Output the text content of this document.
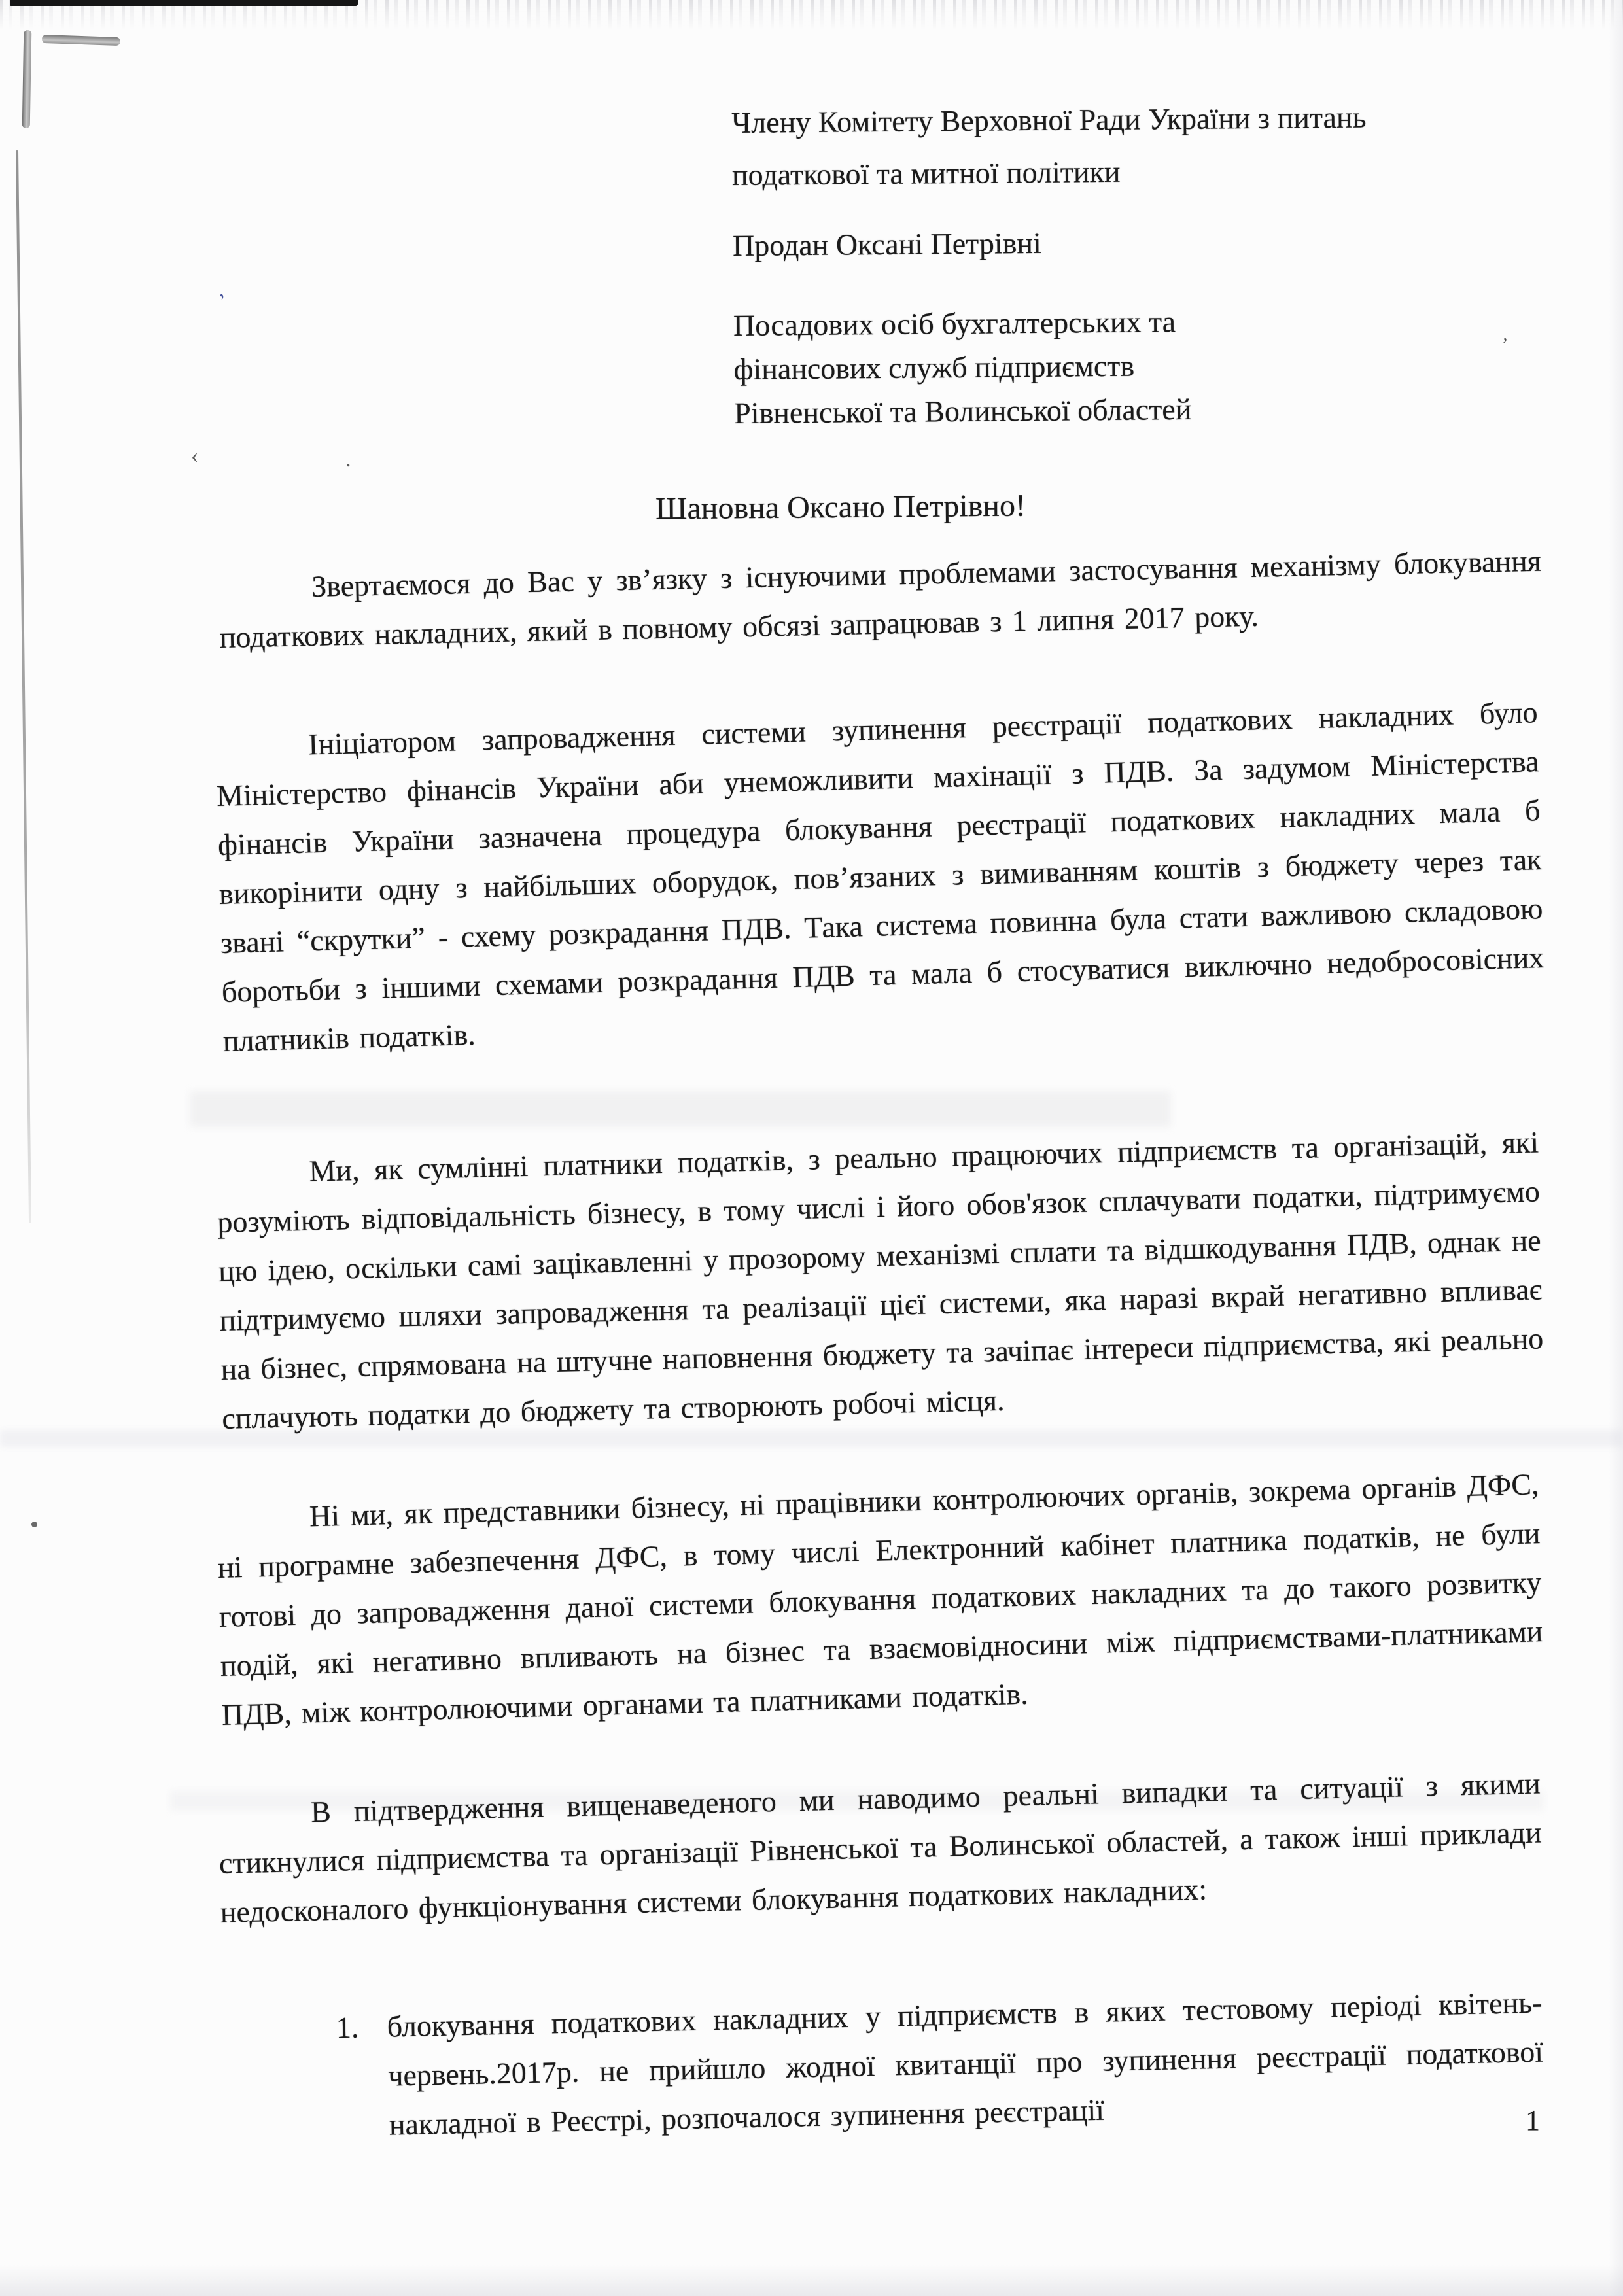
‚
‹	.
’
Члену Комітету Верховної Ради України з питань
податкової та митної політики
Продан Оксані Петрівні
Посадових осіб бухгалтерських та
фінансових служб підприємств
Рівненської та Волинської областей
Шановна Оксано Петрівно!
Звертаємося до Вас у зв’язку з існуючими проблемами застосування механізму блокування податкових накладних, який в повному обсязі запрацював з 1 липня 2017 року.
Ініціатором запровадження системи зупинення реєстрації податкових накладних було Міністерство фінансів України аби унеможливити махінації з ПДВ. За задумом Міністерства фінансів України зазначена процедура блокування реєстрації податкових накладних мала б викорінити одну з найбільших оборудок, пов’язаних з вимиванням коштів з бюджету через так звані “скрутки” - схему розкрадання ПДВ. Така система повинна була стати важливою складовою боротьби з іншими схемами розкрадання ПДВ та мала б стосуватися виключно недобросовісних платників податків.
Ми, як сумлінні платники податків, з реально працюючих підприємств та організацій, які розуміють відповідальність бізнесу, в тому числі і його обов'язок сплачувати податки, підтримуємо цю ідею, оскільки самі зацікавленні у прозорому механізмі сплати та відшкодування ПДВ, однак не підтримуємо шляхи запровадження та реалізації цієї системи, яка наразі вкрай негативно впливає на бізнес, спрямована на штучне наповнення бюджету та зачіпає інтереси підприємства, які реально сплачують податки до бюджету та створюють робочі місця.
Ні ми, як представники бізнесу, ні працівники контролюючих органів, зокрема органів ДФС, ні програмне забезпечення ДФС, в тому числі Електронний кабінет платника податків, не були готові до запровадження даної системи блокування податкових накладних та до такого розвитку подій, які негативно впливають на бізнес та взаємовідносини між підприємствами-платниками ПДВ, між контролюючими органами та платниками податків.
В підтвердження вищенаведеного ми наводимо реальні випадки та ситуації з якими стикнулися підприємства та організації Рівненської та Волинської областей, а також інші приклади недосконалого функціонування системи блокування податкових накладних:
1. блокування податкових накладних у підприємств в яких тестовому періоді квітень-червень.2017р. не прийшло жодної квитанції про зупинення реєстрації податкової накладної в Реєстрі, розпочалося зупинення реєстрації	1
